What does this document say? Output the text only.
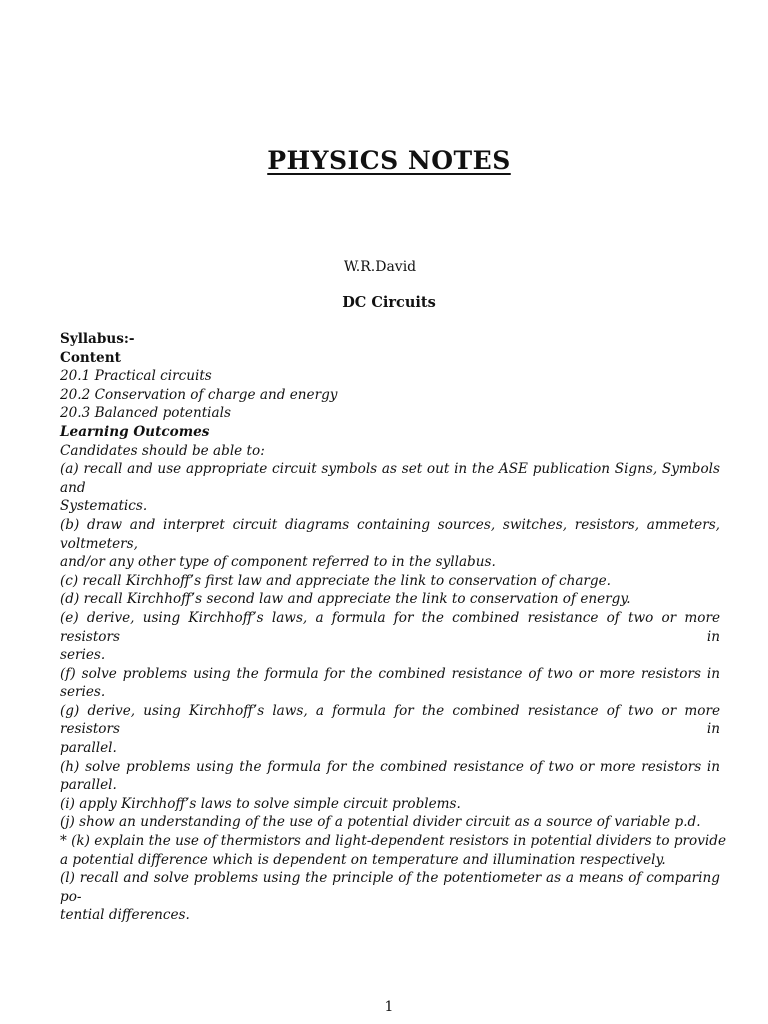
PHYSICS NOTES
W.R.David
DC Circuits
Syllabus:-
Content
20.1 Practical circuits
20.2 Conservation of charge and energy
20.3 Balanced potentials
Learning Outcomes
Candidates should be able to:
(a) recall and use appropriate circuit symbols as set out in the ASE publication Signs, Symbols and
Systematics.
(b) draw and interpret circuit diagrams containing sources, switches, resistors, ammeters, voltmeters,
and/or any other type of component referred to in the syllabus.
(c) recall Kirchhoff’s first law and appreciate the link to conservation of charge.
(d) recall Kirchhoff’s second law and appreciate the link to conservation of energy.
(e) derive, using Kirchhoff’s laws, a formula for the combined resistance of two or more resistors in
series.
(f) solve problems using the formula for the combined resistance of two or more resistors in series.
(g) derive, using Kirchhoff’s laws, a formula for the combined resistance of two or more resistors in
parallel.
(h) solve problems using the formula for the combined resistance of two or more resistors in parallel.
(i) apply Kirchhoff’s laws to solve simple circuit problems.
(j) show an understanding of the use of a potential divider circuit as a source of variable p.d.
* (k) explain the use of thermistors and light-dependent resistors in potential dividers to provide
a potential difference which is dependent on temperature and illumination respectively.
(l) recall and solve problems using the principle of the potentiometer as a means of comparing po-
tential differences.
1
